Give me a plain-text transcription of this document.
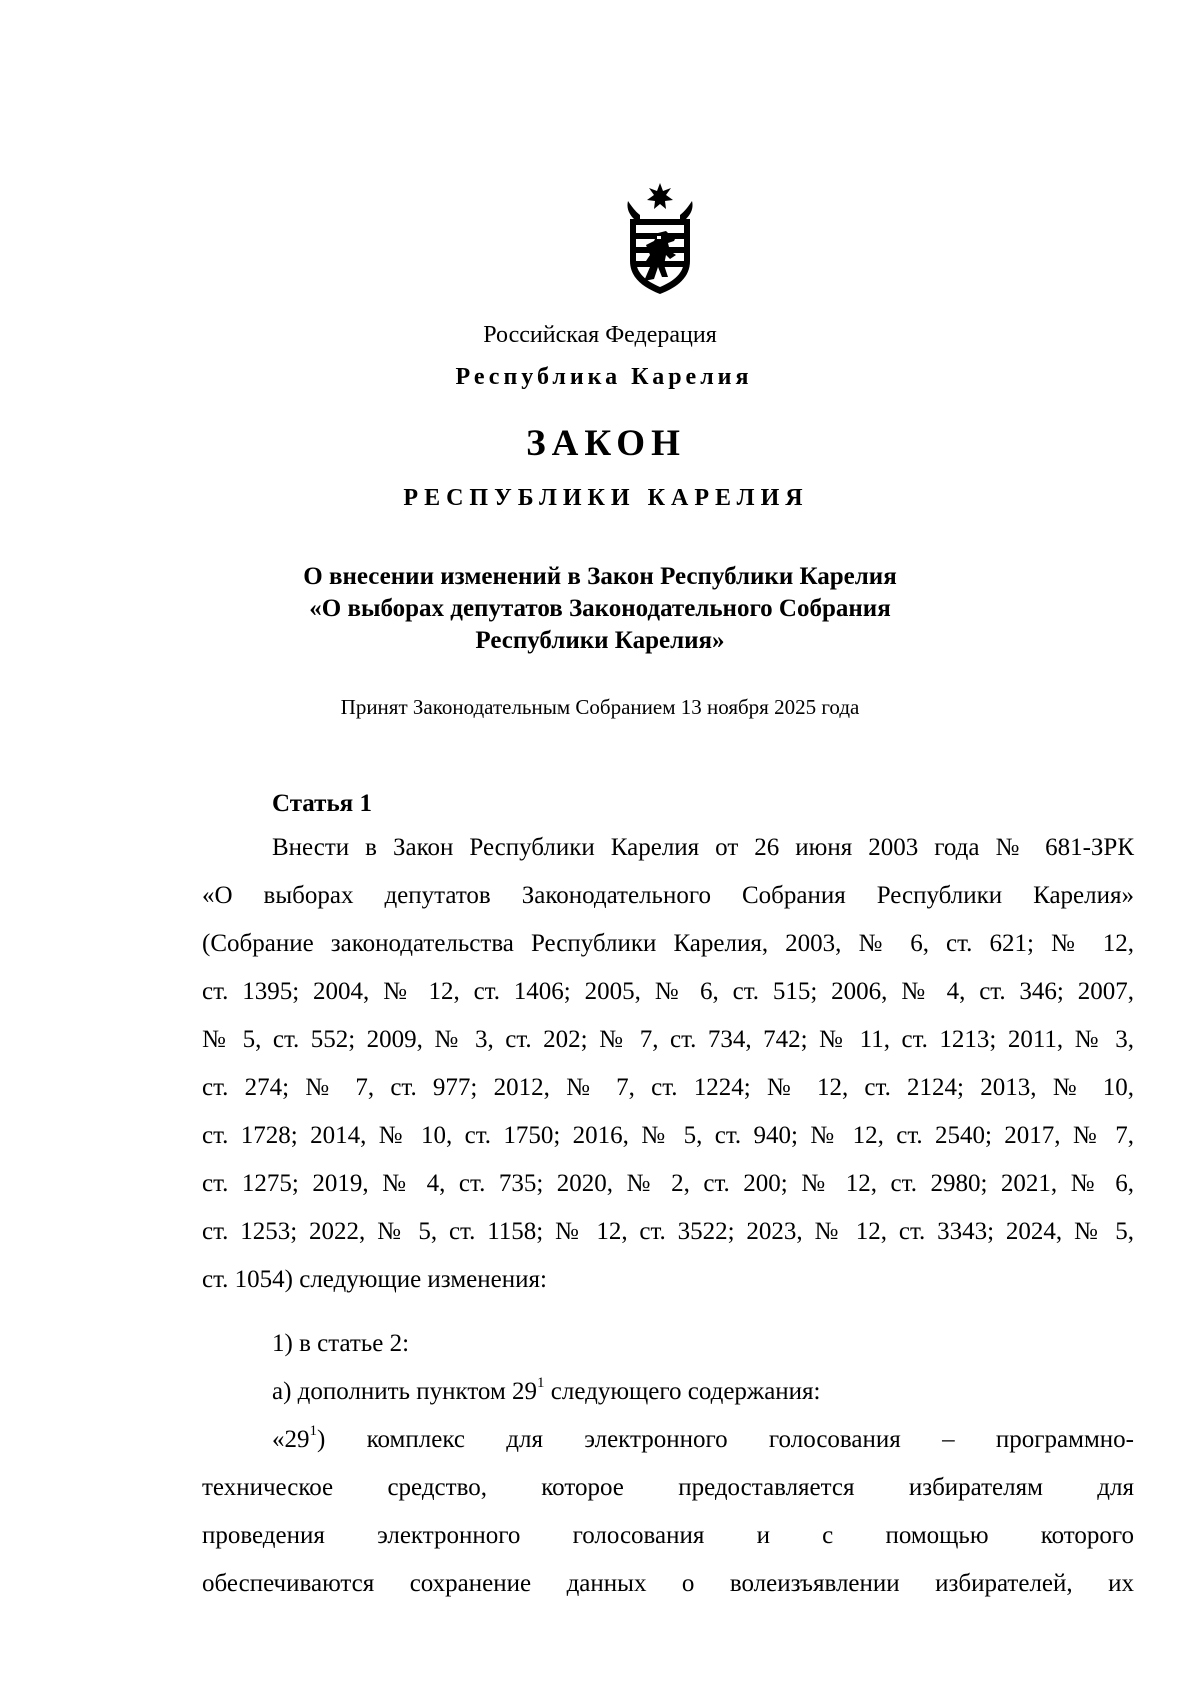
Российская Федерация
Республика Карелия
ЗАКОН
РЕСПУБЛИКИ КАРЕЛИЯ
О внесении изменений в Закон Республики Карелия
«О выборах депутатов Законодательного Собрания
Республики Карелия»
Принят Законодательным Собранием 13 ноября 2025 года
Статья 1
Внести в Закон Республики Карелия от 26 июня 2003 года № 681-ЗРК
«О выборах депутатов Законодательного Собрания Республики Карелия»
(Собрание законодательства Республики Карелия, 2003, № 6, ст. 621; № 12,
ст. 1395; 2004, № 12, ст. 1406; 2005, № 6, ст. 515; 2006, № 4, ст. 346; 2007,
№ 5, ст. 552; 2009, № 3, ст. 202; № 7, ст. 734, 742; № 11, ст. 1213; 2011, № 3,
ст. 274; № 7, ст. 977; 2012, № 7, ст. 1224; № 12, ст. 2124; 2013, № 10,
ст. 1728; 2014, № 10, ст. 1750; 2016, № 5, ст. 940; № 12, ст. 2540; 2017, № 7,
ст. 1275; 2019, № 4, ст. 735; 2020, № 2, ст. 200; № 12, ст. 2980; 2021, № 6,
ст. 1253; 2022, № 5, ст. 1158; № 12, ст. 3522; 2023, № 12, ст. 3343; 2024, № 5,
ст. 1054) следующие изменения:
1) в статье 2:
а) дополнить пунктом $29^1$ следующего содержания:
«$29^1$) комплекс для электронного голосования – программно-
техническое средство, которое предоставляется избирателям для
проведения электронного голосования и с помощью которого
обеспечиваются сохранение данных о волеизъявлении избирателей, их
